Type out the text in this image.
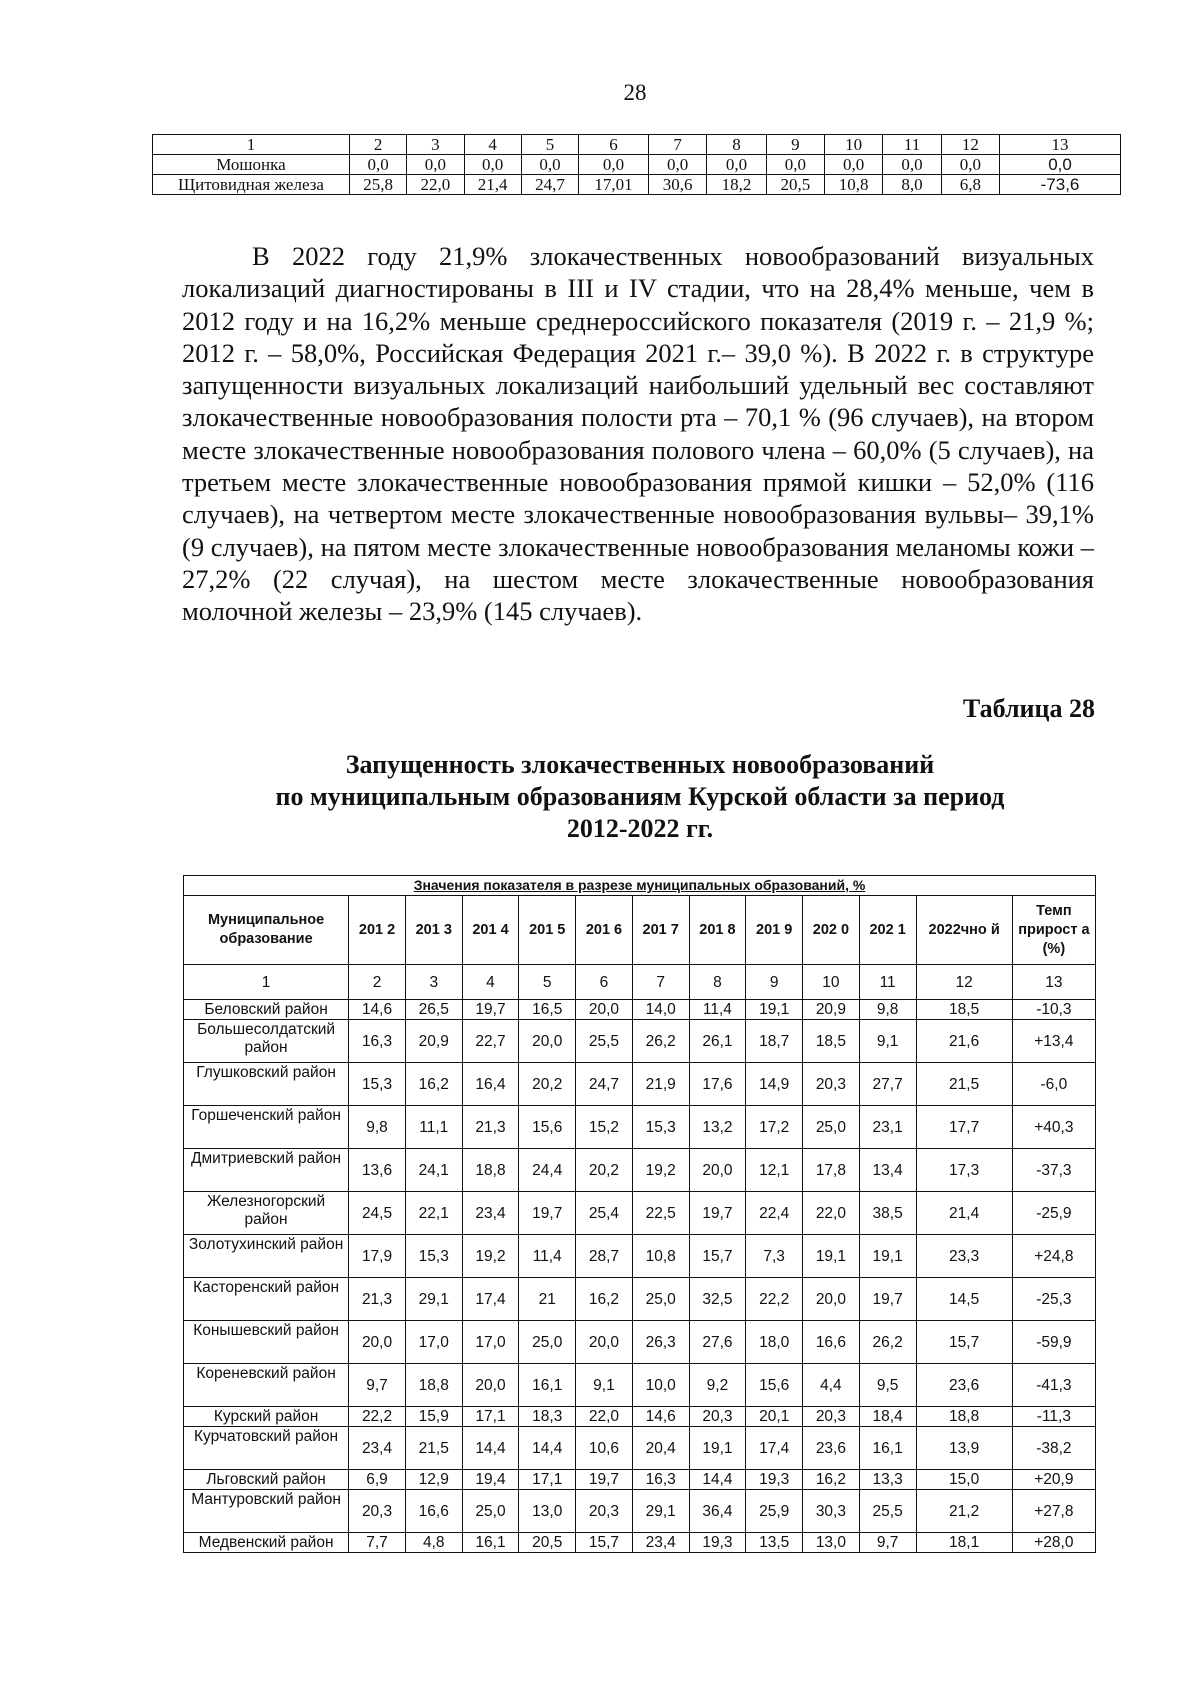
28
1	2	3	4	5	6	7	8	9	10	11	12	13
Мошонка	0,0	0,0	0,0	0,0	0,0	0,0	0,0	0,0	0,0	0,0	0,0	0,0
Щитовидная железа	25,8	22,0	21,4	24,7	17,01	30,6	18,2	20,5	10,8	8,0	6,8	-73,6

В 2022 году 21,9% злокачественных новообразований визуальных локализаций диагностированы в III и IV стадии, что на 28,4% меньше, чем в 2012 году и на 16,2% меньше среднероссийского показателя (2019 г. – 21,9 %; 2012 г. – 58,0%, Российская Федерация 2021 г.– 39,0 %). В 2022 г. в структуре запущенности визуальных локализаций наибольший удельный вес составляют злокачественные новообразования полости рта – 70,1 % (96 случаев), на втором месте злокачественные новообразования полового члена – 60,0% (5 случаев), на третьем месте злокачественные новообразования прямой кишки – 52,0% (116 случаев), на четвертом месте злокачественные новообразования вульвы– 39,1% (9 случаев), на пятом месте злокачественные новообразования меланомы кожи – 27,2% (22 случая), на шестом месте злокачественные новообразования молочной железы – 23,9% (145 случаев).

Таблица 28
Запущенность злокачественных новообразований
по муниципальным образованиям Курской области за период
2012-2022 гг.
Значения показателя в разрезе муниципальных образований, %												
Муниципальное образование	201 2	201 3	201 4	201 5	201 6	201 7	201 8	201 9	202 0	202 1	2022чно й	Темп прирост а (%)
1	2	3	4	5	6	7	8	9	10	11	12	13
Беловский район	14,6	26,5	19,7	16,5	20,0	14,0	11,4	19,1	20,9	9,8	18,5	-10,3
Большесолдатский район	16,3	20,9	22,7	20,0	25,5	26,2	26,1	18,7	18,5	9,1	21,6	+13,4
Глушковский район	15,3	16,2	16,4	20,2	24,7	21,9	17,6	14,9	20,3	27,7	21,5	-6,0
Горшеченский район	9,8	11,1	21,3	15,6	15,2	15,3	13,2	17,2	25,0	23,1	17,7	+40,3
Дмитриевский район	13,6	24,1	18,8	24,4	20,2	19,2	20,0	12,1	17,8	13,4	17,3	-37,3
Железногорский район	24,5	22,1	23,4	19,7	25,4	22,5	19,7	22,4	22,0	38,5	21,4	-25,9
Золотухинский район	17,9	15,3	19,2	11,4	28,7	10,8	15,7	7,3	19,1	19,1	23,3	+24,8
Касторенский район	21,3	29,1	17,4	21	16,2	25,0	32,5	22,2	20,0	19,7	14,5	-25,3
Конышевский район	20,0	17,0	17,0	25,0	20,0	26,3	27,6	18,0	16,6	26,2	15,7	-59,9
Кореневский район	9,7	18,8	20,0	16,1	9,1	10,0	9,2	15,6	4,4	9,5	23,6	-41,3
Курский район	22,2	15,9	17,1	18,3	22,0	14,6	20,3	20,1	20,3	18,4	18,8	-11,3
Курчатовский район	23,4	21,5	14,4	14,4	10,6	20,4	19,1	17,4	23,6	16,1	13,9	-38,2
Льговский район	6,9	12,9	19,4	17,1	19,7	16,3	14,4	19,3	16,2	13,3	15,0	+20,9
Мантуровский район	20,3	16,6	25,0	13,0	20,3	29,1	36,4	25,9	30,3	25,5	21,2	+27,8
Медвенский район	7,7	4,8	16,1	20,5	15,7	23,4	19,3	13,5	13,0	9,7	18,1	+28,0
